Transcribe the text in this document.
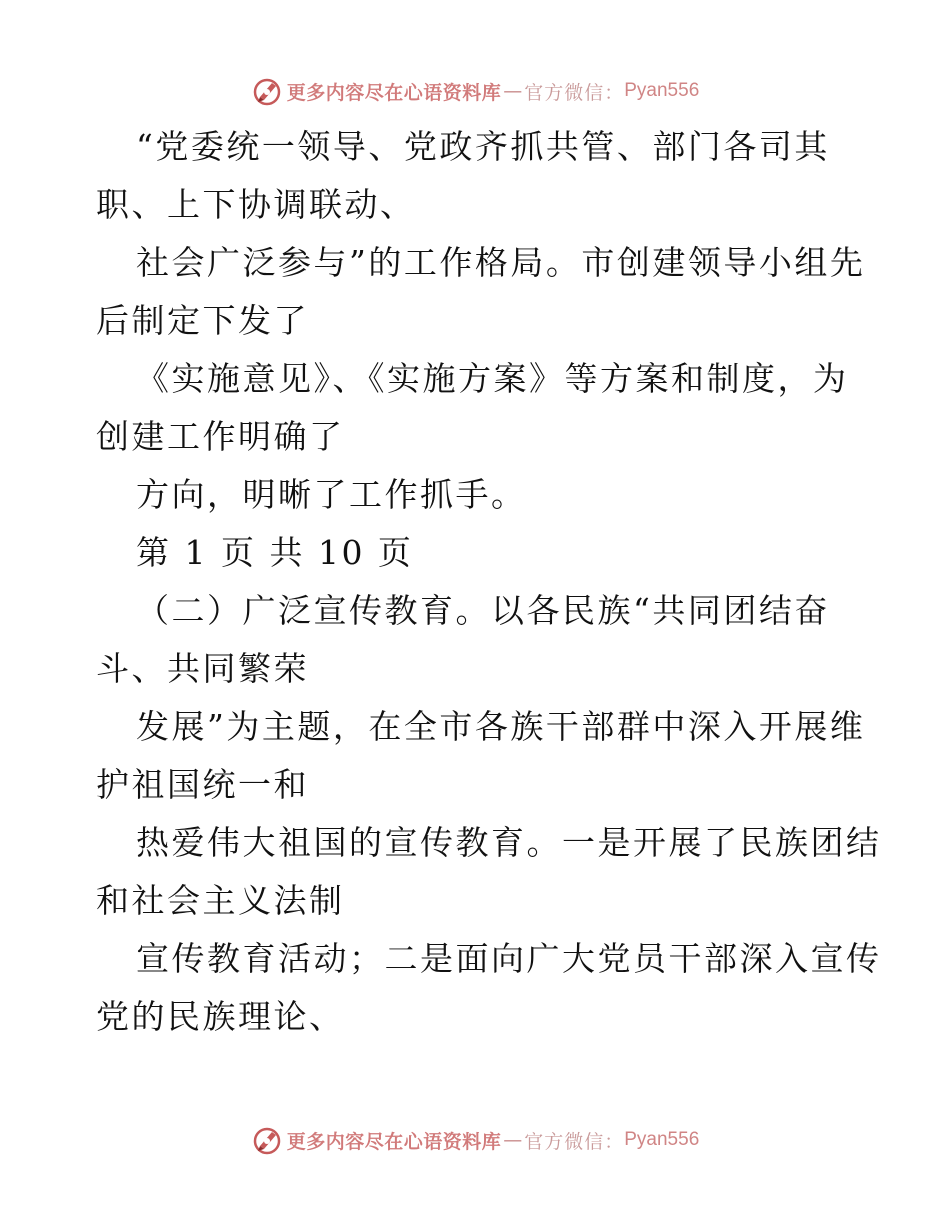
更多内容尽在心语资料库 — 官方微信： Pyan556
“党委统一领导、党政齐抓共管、部门各司其
职、上下协调联动、
社会广泛参与”的工作格局。市创建领导小组先
后制定下发了
《实施意见》、《实施方案》等方案和制度，为
创建工作明确了
方向，明晰了工作抓手。
第 1 页 共 10 页
（二）广泛宣传教育。以各民族“共同团结奋
斗、共同繁荣
发展”为主题，在全市各族干部群中深入开展维
护祖国统一和
热爱伟大祖国的宣传教育。一是开展了民族团结
和社会主义法制
宣传教育活动；二是面向广大党员干部深入宣传
党的民族理论、
更多内容尽在心语资料库 — 官方微信： Pyan556
